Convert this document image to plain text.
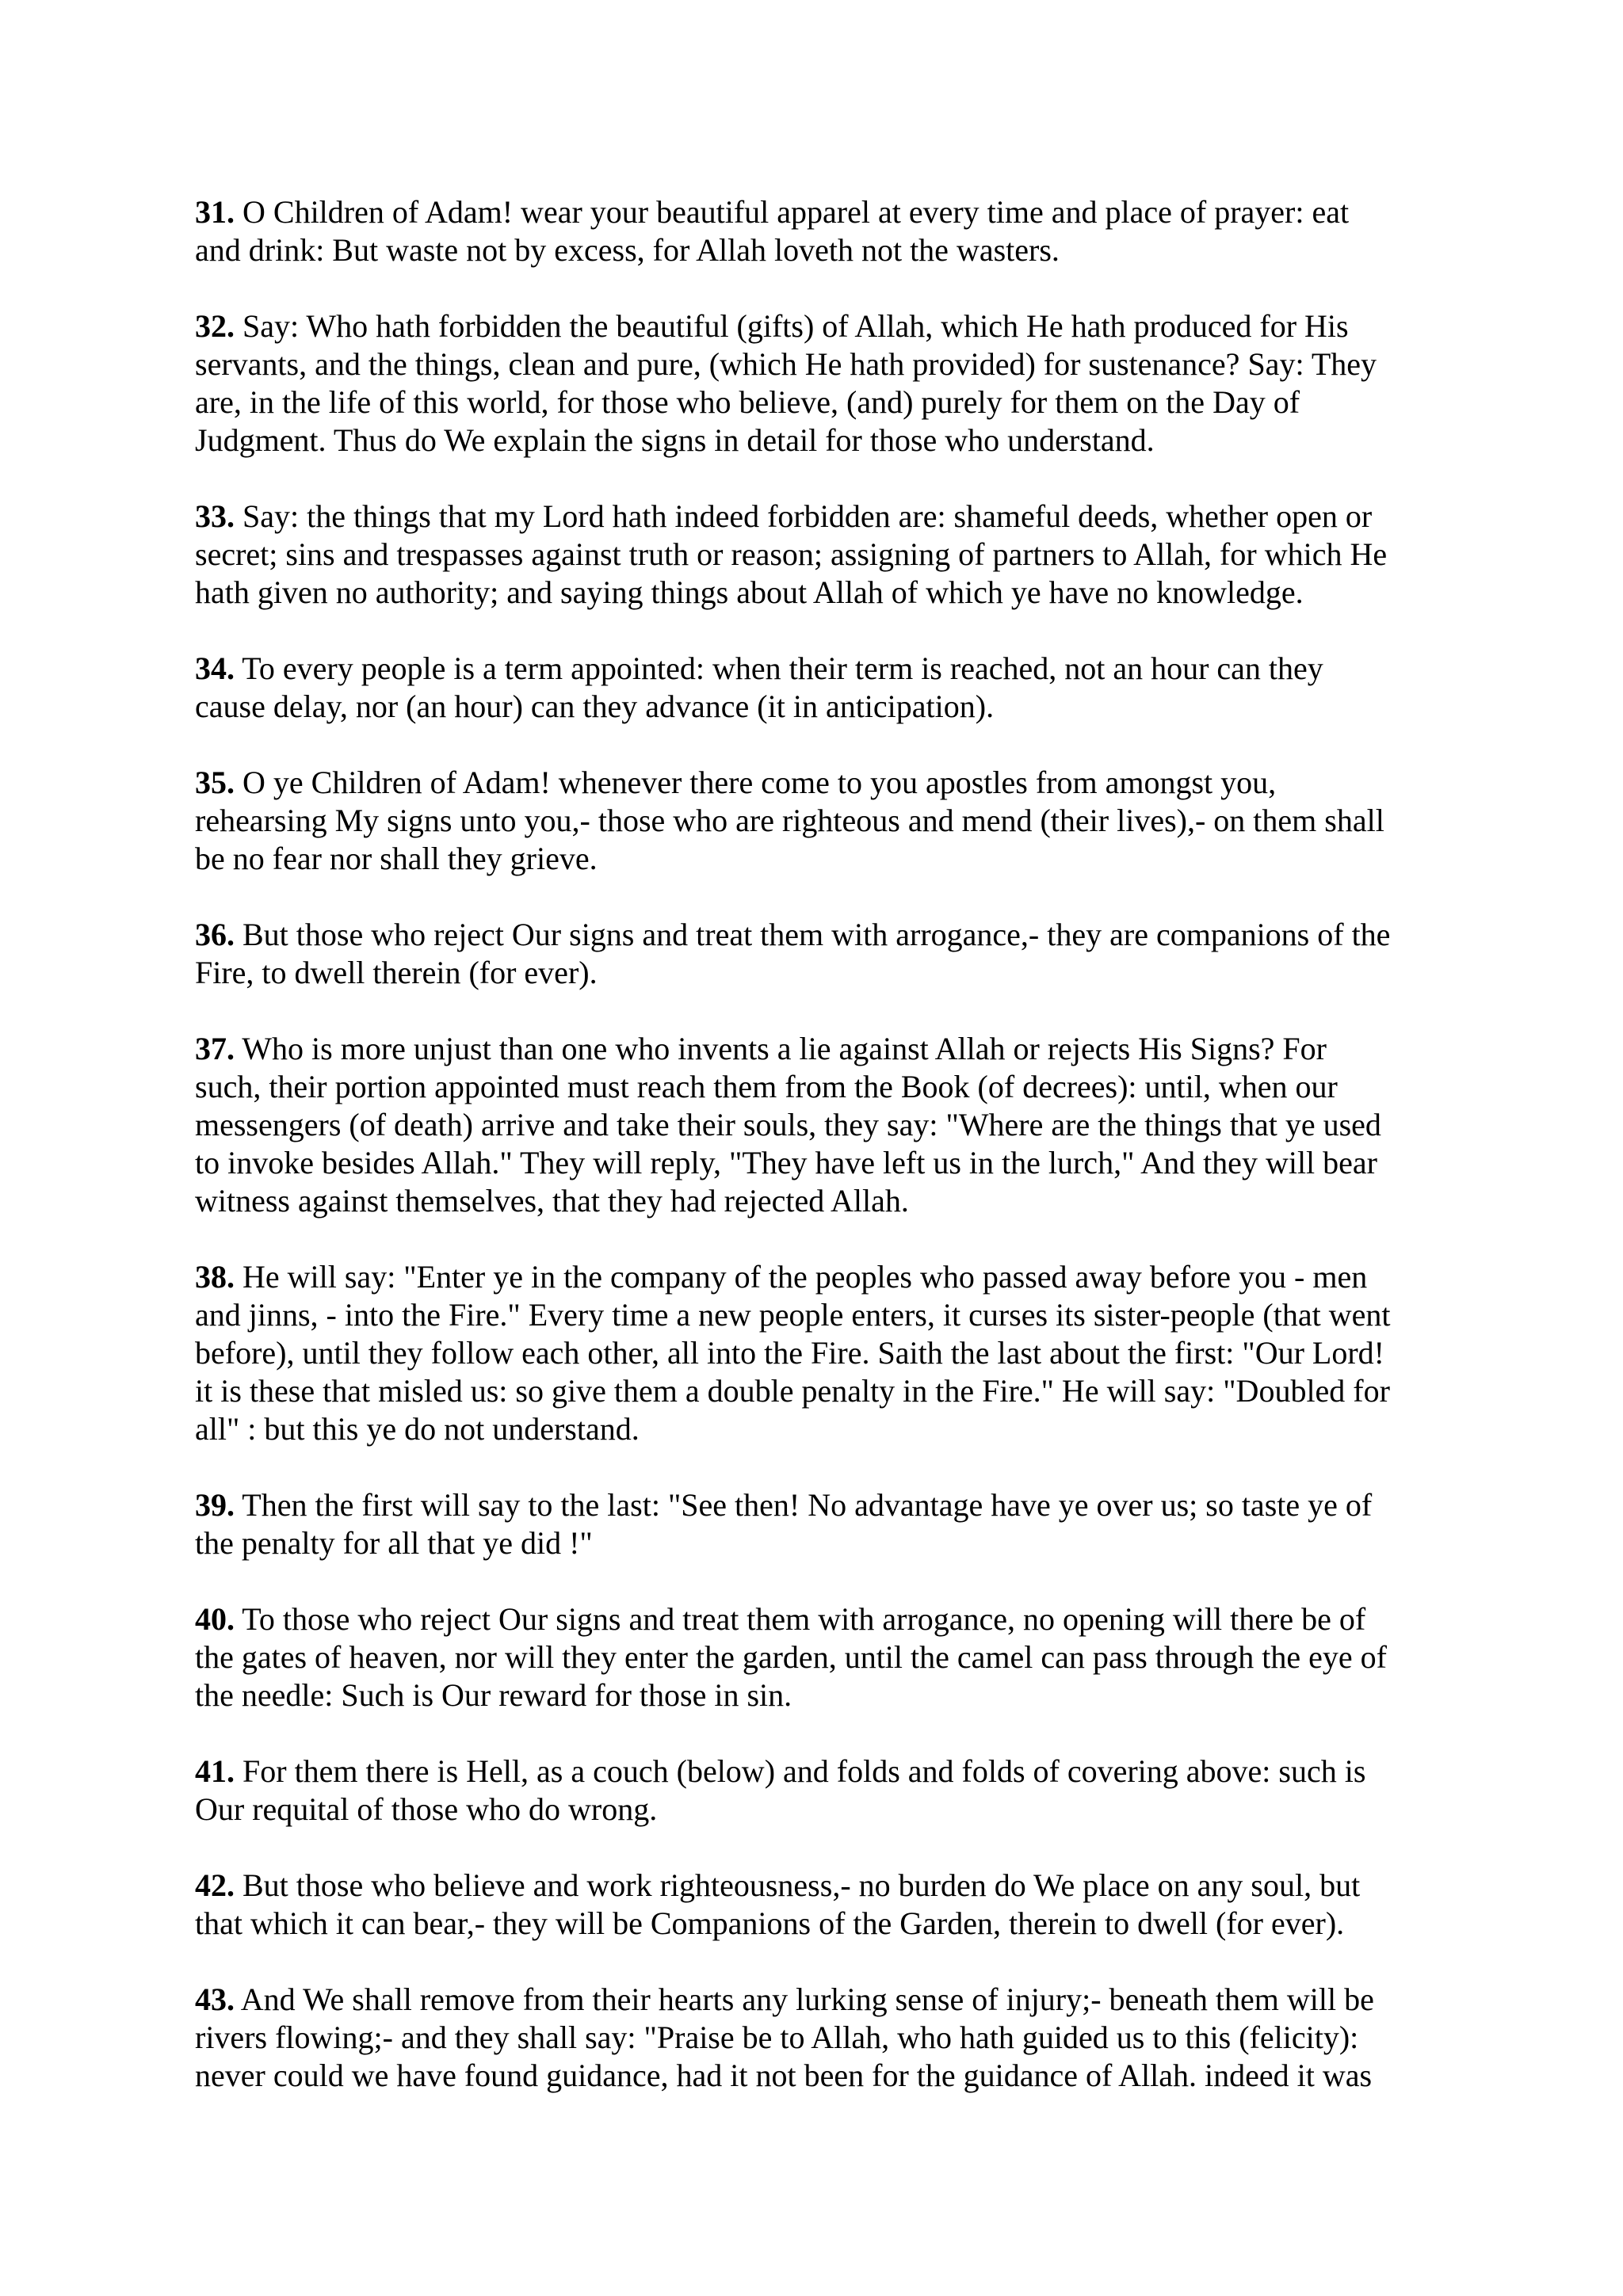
31. O Children of Adam! wear your beautiful apparel at every time and place of prayer: eat
and drink: But waste not by excess, for Allah loveth not the wasters.

32. Say: Who hath forbidden the beautiful (gifts) of Allah, which He hath produced for His
servants, and the things, clean and pure, (which He hath provided) for sustenance? Say: They
are, in the life of this world, for those who believe, (and) purely for them on the Day of
Judgment. Thus do We explain the signs in detail for those who understand.

33. Say: the things that my Lord hath indeed forbidden are: shameful deeds, whether open or
secret; sins and trespasses against truth or reason; assigning of partners to Allah, for which He
hath given no authority; and saying things about Allah of which ye have no knowledge.

34. To every people is a term appointed: when their term is reached, not an hour can they
cause delay, nor (an hour) can they advance (it in anticipation).

35. O ye Children of Adam! whenever there come to you apostles from amongst you,
rehearsing My signs unto you,- those who are righteous and mend (their lives),- on them shall
be no fear nor shall they grieve.

36. But those who reject Our signs and treat them with arrogance,- they are companions of the
Fire, to dwell therein (for ever).

37. Who is more unjust than one who invents a lie against Allah or rejects His Signs? For
such, their portion appointed must reach them from the Book (of decrees): until, when our
messengers (of death) arrive and take their souls, they say: "Where are the things that ye used
to invoke besides Allah." They will reply, "They have left us in the lurch," And they will bear
witness against themselves, that they had rejected Allah.

38. He will say: "Enter ye in the company of the peoples who passed away before you - men
and jinns, - into the Fire." Every time a new people enters, it curses its sister-people (that went
before), until they follow each other, all into the Fire. Saith the last about the first: "Our Lord!
it is these that misled us: so give them a double penalty in the Fire." He will say: "Doubled for
all" : but this ye do not understand.

39. Then the first will say to the last: "See then! No advantage have ye over us; so taste ye of
the penalty for all that ye did !"

40. To those who reject Our signs and treat them with arrogance, no opening will there be of
the gates of heaven, nor will they enter the garden, until the camel can pass through the eye of
the needle: Such is Our reward for those in sin.

41. For them there is Hell, as a couch (below) and folds and folds of covering above: such is
Our requital of those who do wrong.

42. But those who believe and work righteousness,- no burden do We place on any soul, but
that which it can bear,- they will be Companions of the Garden, therein to dwell (for ever).

43. And We shall remove from their hearts any lurking sense of injury;- beneath them will be
rivers flowing;- and they shall say: "Praise be to Allah, who hath guided us to this (felicity):
never could we have found guidance, had it not been for the guidance of Allah. indeed it was
